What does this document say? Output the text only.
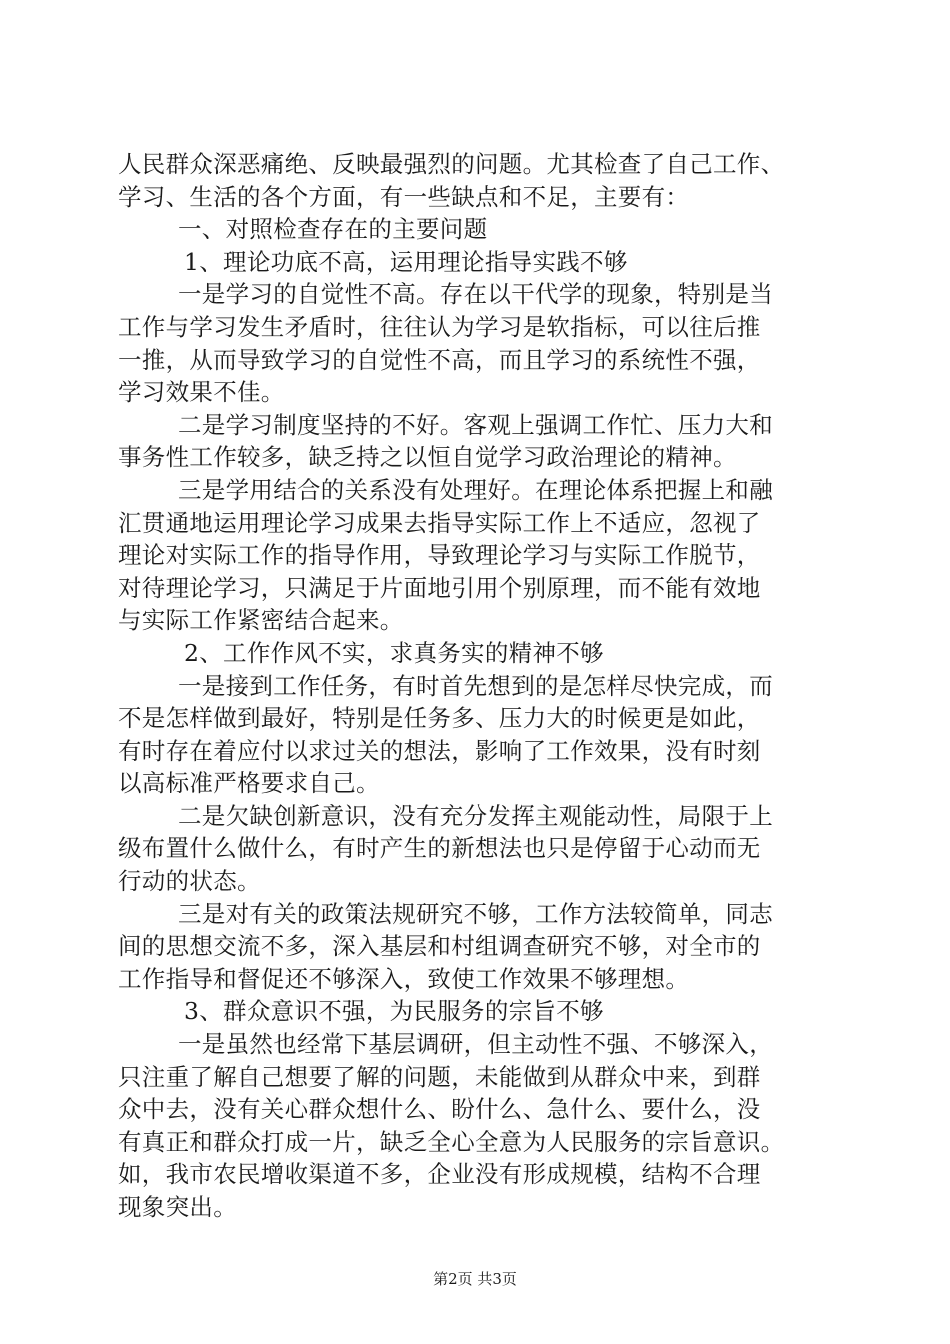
人民群众深恶痛绝、反映最强烈的问题。尤其检查了自己工作、
学习、生活的各个方面，有一些缺点和不足，主要有：
一、对照检查存在的主要问题
1、理论功底不高，运用理论指导实践不够
一是学习的自觉性不高。存在以干代学的现象，特别是当
工作与学习发生矛盾时，往往认为学习是软指标，可以往后推
一推，从而导致学习的自觉性不高，而且学习的系统性不强，
学习效果不佳。
二是学习制度坚持的不好。客观上强调工作忙、压力大和
事务性工作较多，缺乏持之以恒自觉学习政治理论的精神。
三是学用结合的关系没有处理好。在理论体系把握上和融
汇贯通地运用理论学习成果去指导实际工作上不适应，忽视了
理论对实际工作的指导作用，导致理论学习与实际工作脱节，
对待理论学习，只满足于片面地引用个别原理，而不能有效地
与实际工作紧密结合起来。
2、工作作风不实，求真务实的精神不够
一是接到工作任务，有时首先想到的是怎样尽快完成，而
不是怎样做到最好，特别是任务多、压力大的时候更是如此，
有时存在着应付以求过关的想法，影响了工作效果，没有时刻
以高标准严格要求自己。
二是欠缺创新意识，没有充分发挥主观能动性，局限于上
级布置什么做什么，有时产生的新想法也只是停留于心动而无
行动的状态。
三是对有关的政策法规研究不够，工作方法较简单，同志
间的思想交流不多，深入基层和村组调查研究不够，对全市的
工作指导和督促还不够深入，致使工作效果不够理想。
3、群众意识不强，为民服务的宗旨不够
一是虽然也经常下基层调研，但主动性不强、不够深入，
只注重了解自己想要了解的问题，未能做到从群众中来，到群
众中去，没有关心群众想什么、盼什么、急什么、要什么，没
有真正和群众打成一片，缺乏全心全意为人民服务的宗旨意识。
如，我市农民增收渠道不多，企业没有形成规模，结构不合理
现象突出。
第2页 共3页
